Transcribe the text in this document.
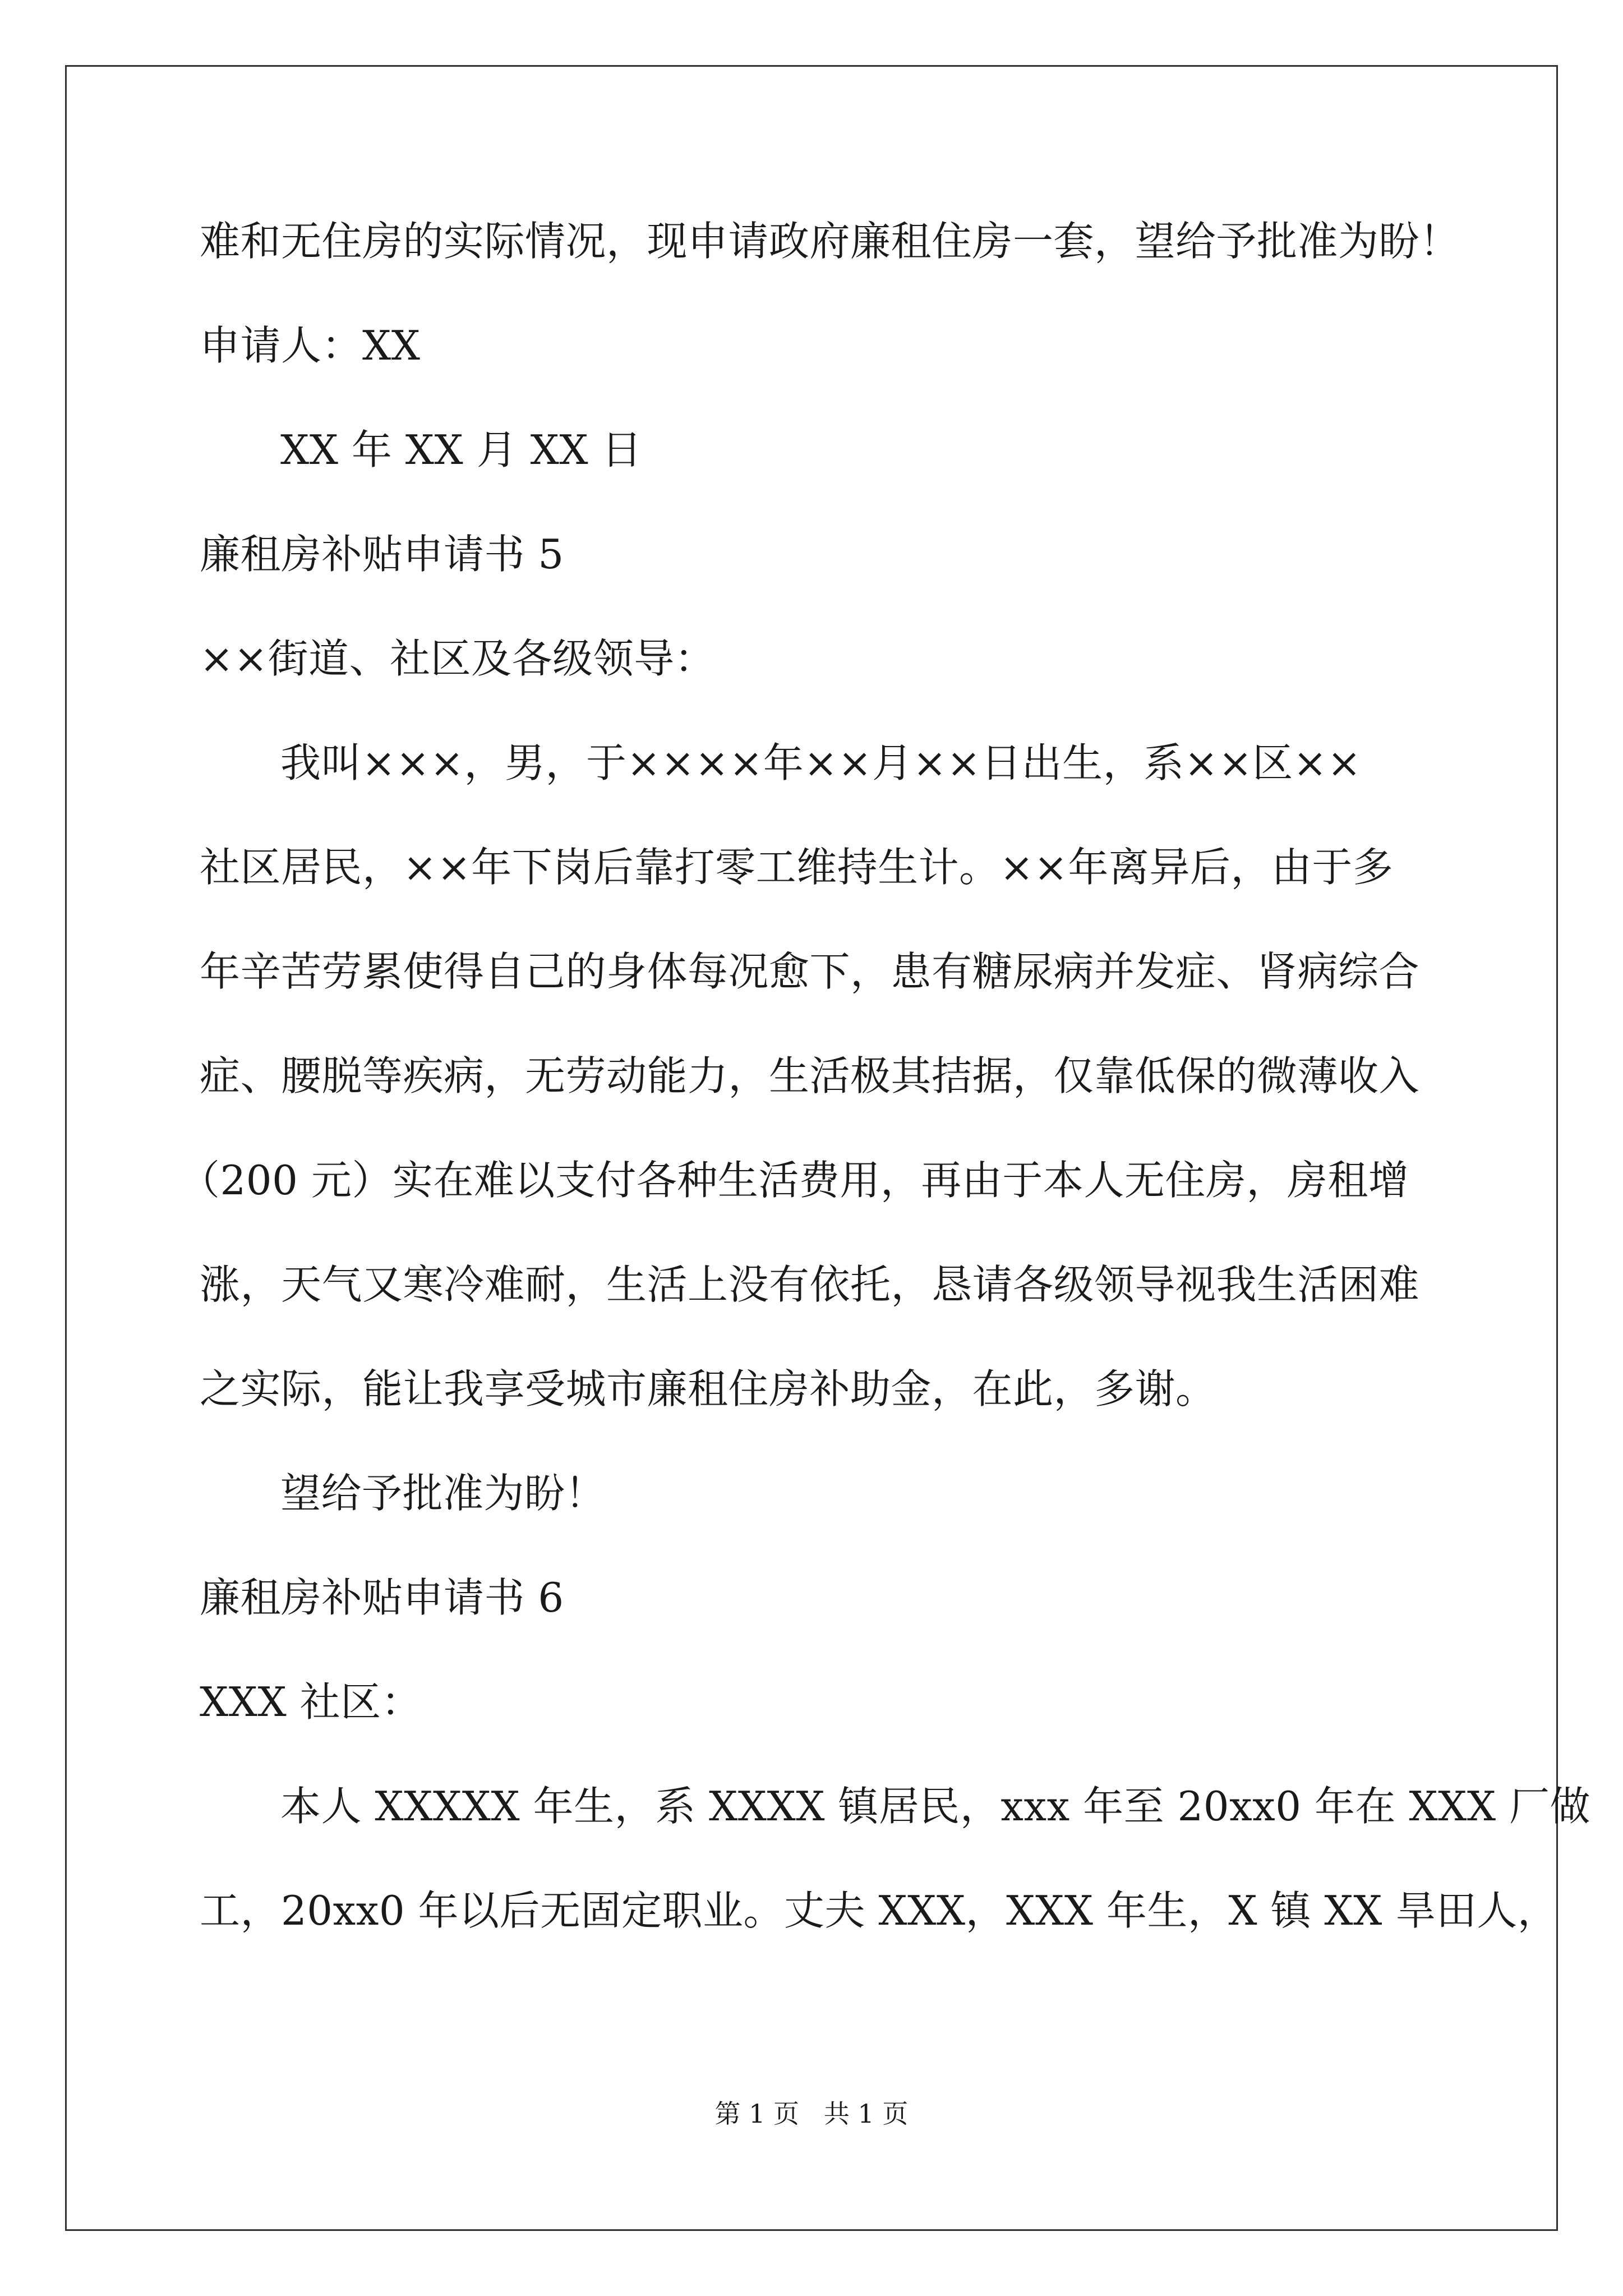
难和无住房的实际情况，现申请政府廉租住房一套，望给予批准为盼！
申请人：XX
XX 年 XX 月 XX 日
廉租房补贴申请书 5
××街道、社区及各级领导：
我叫×××，男，于××××年××月××日出生，系××区××
社区居民，××年下岗后靠打零工维持生计。××年离异后，由于多
年辛苦劳累使得自己的身体每况愈下，患有糖尿病并发症、肾病综合
症、腰脱等疾病，无劳动能力，生活极其拮据，仅靠低保的微薄收入
（200 元）实在难以支付各种生活费用，再由于本人无住房，房租增
涨，天气又寒冷难耐，生活上没有依托，恳请各级领导视我生活困难
之实际，能让我享受城市廉租住房补助金，在此，多谢。
望给予批准为盼！
廉租房补贴申请书 6
XXX 社区：
本人 XXXXX 年生，系 XXXX 镇居民，xxx 年至 20xx0 年在 XXX 厂做
工，20xx0 年以后无固定职业。丈夫 XXX，XXX 年生，X 镇 XX 旱田人，
第 1 页   共 1 页
